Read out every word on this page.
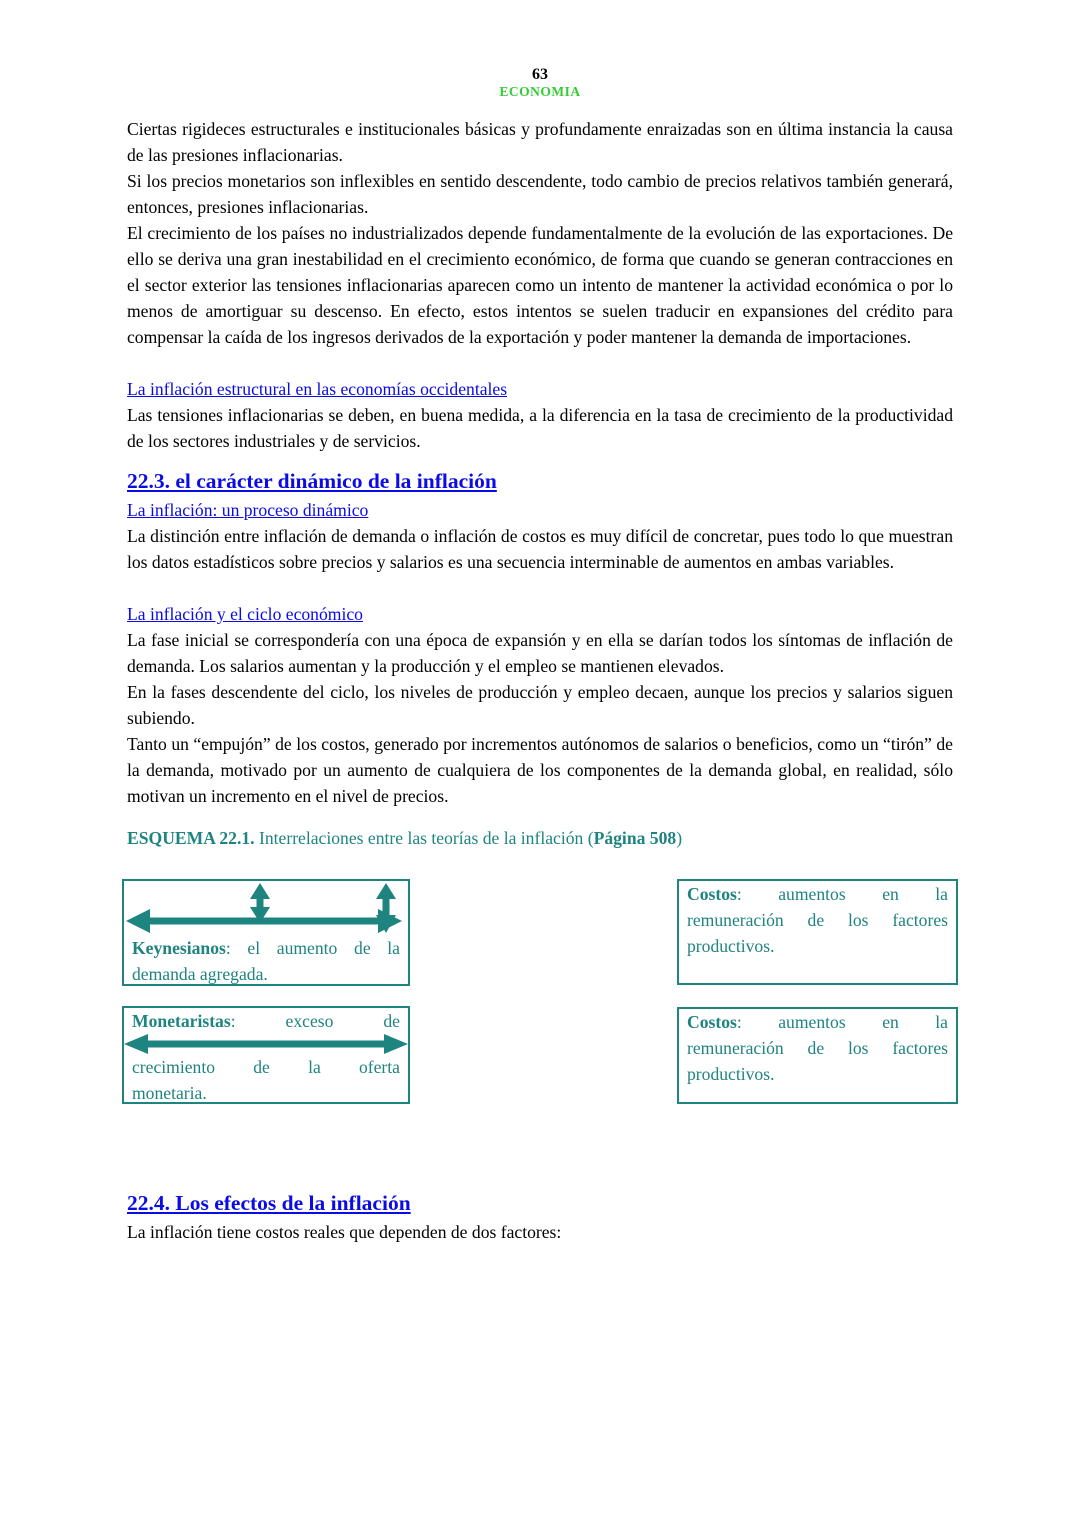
63
ECONOMIA

Ciertas rigideces estructurales e institucionales básicas y profundamente enraizadas son en última instancia la causa de las presiones inflacionarias.

Si los precios monetarios son inflexibles en sentido descendente, todo cambio de precios relativos también generará, entonces, presiones inflacionarias.

El crecimiento de los países no industrializados depende fundamentalmente de la evolución de las exportaciones. De ello se deriva una gran inestabilidad en el crecimiento económico, de forma que cuando se generan contracciones en el sector exterior las tensiones inflacionarias aparecen como un intento de mantener la actividad económica o por lo menos de amortiguar su descenso. En efecto, estos intentos se suelen traducir en expansiones del crédito para compensar la caída de los ingresos derivados de la exportación y poder mantener la demanda de importaciones.

La inflación estructural en las economías occidentales

Las tensiones inflacionarias se deben, en buena medida, a la diferencia en la tasa de crecimiento de la productividad de los sectores industriales y de servicios.

22.3. el carácter dinámico de la inflación
La inflación: un proceso dinámico

La distinción entre inflación de demanda o inflación de costos es muy difícil de concretar, pues todo lo que muestran los datos estadísticos sobre precios y salarios es una secuencia interminable de aumentos en ambas variables.

La inflación y el ciclo económico

La fase inicial se correspondería con una época de expansión y en ella se darían todos los síntomas de inflación de demanda. Los salarios aumentan y la producción y el empleo se mantienen elevados.

En la fases descendente del ciclo, los niveles de producción y empleo decaen, aunque los precios y salarios siguen subiendo.

Tanto un “empujón” de los costos, generado por incrementos autónomos de salarios o beneficios, como un “tirón” de la demanda, motivado por un aumento de cualquiera de los componentes de la demanda global, en realidad, sólo motivan un incremento en el nivel de precios.

ESQUEMA 22.1. Interrelaciones entre las teorías de la inflación (Página 508)

Keynesianos: el aumento de la
demanda agregada.
Monetaristas:	exceso	de
crecimiento de la oferta
monetaria.
Costos: aumentos en la
remuneración de los factores
productivos.
Costos: aumentos en la
remuneración de los factores
productivos.
22.4. Los efectos de la inflación

La inflación tiene costos reales que dependen de dos factores:
